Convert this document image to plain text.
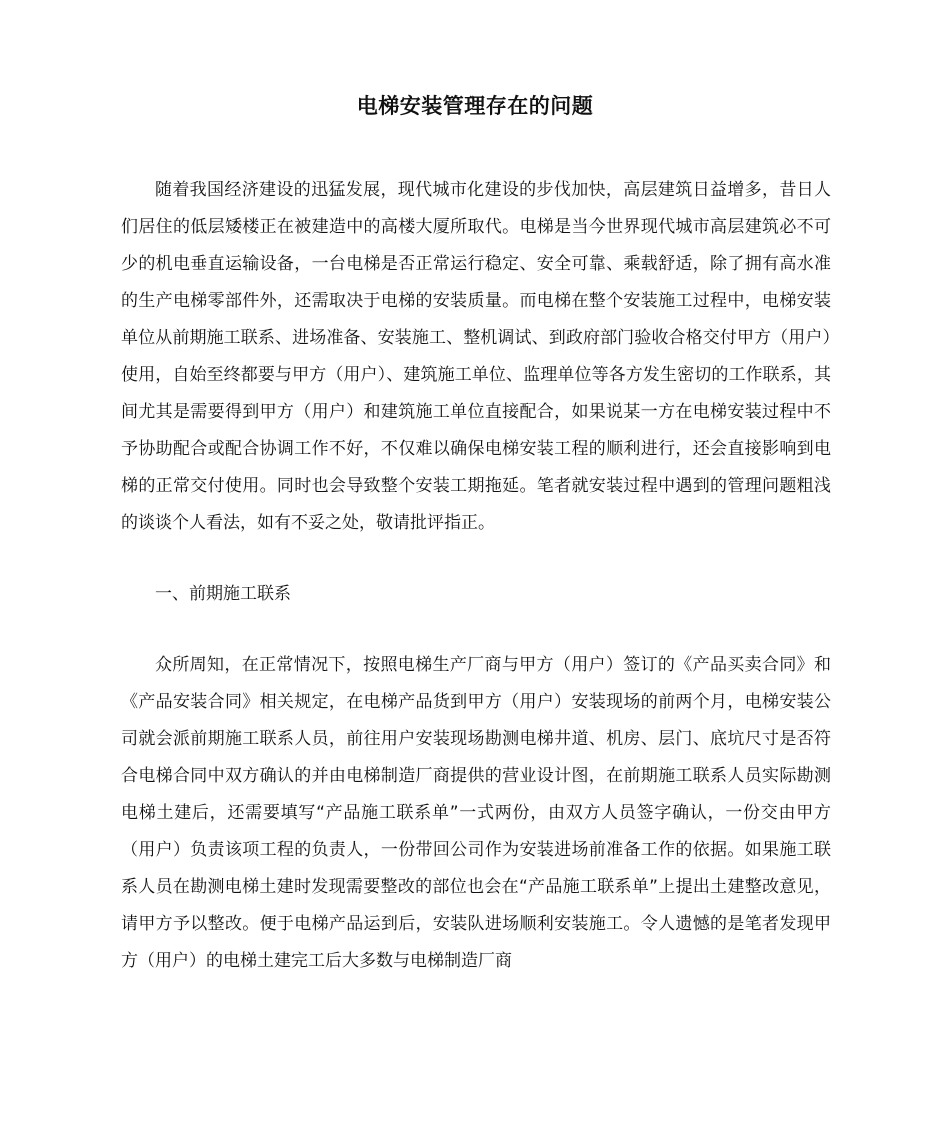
电梯安装管理存在的问题

随着我国经济建设的迅猛发展，现代城市化建设的步伐加快，高层建筑日益增多，昔日人们居住的低层矮楼正在被建造中的高楼大厦所取代。电梯是当今世界现代城市高层建筑必不可少的机电垂直运输设备，一台电梯是否正常运行稳定、安全可靠、乘载舒适，除了拥有高水准的生产电梯零部件外，还需取决于电梯的安装质量。而电梯在整个安装施工过程中，电梯安装单位从前期施工联系、进场准备、安装施工、整机调试、到政府部门验收合格交付甲方（用户）使用，自始至终都要与甲方（用户）、建筑施工单位、监理单位等各方发生密切的工作联系，其间尤其是需要得到甲方（用户）和建筑施工单位直接配合，如果说某一方在电梯安装过程中不予协助配合或配合协调工作不好，不仅难以确保电梯安装工程的顺利进行，还会直接影响到电梯的正常交付使用。同时也会导致整个安装工期拖延。笔者就安装过程中遇到的管理问题粗浅的谈谈个人看法，如有不妥之处，敬请批评指正。

一、前期施工联系

众所周知，在正常情况下，按照电梯生产厂商与甲方（用户）签订的《产品买卖合同》和《产品安装合同》相关规定，在电梯产品货到甲方（用户）安装现场的前两个月，电梯安装公司就会派前期施工联系人员，前往用户安装现场勘测电梯井道、机房、层门、底坑尺寸是否符合电梯合同中双方确认的并由电梯制造厂商提供的营业设计图，在前期施工联系人员实际勘测电梯土建后，还需要填写“产品施工联系单”一式两份，由双方人员签字确认，一份交由甲方（用户）负责该项工程的负责人，一份带回公司作为安装进场前准备工作的依据。如果施工联系人员在勘测电梯土建时发现需要整改的部位也会在“产品施工联系单”上提出土建整改意见，请甲方予以整改。便于电梯产品运到后，安装队进场顺利安装施工。令人遗憾的是笔者发现甲方（用户）的电梯土建完工后大多数与电梯制造厂商
